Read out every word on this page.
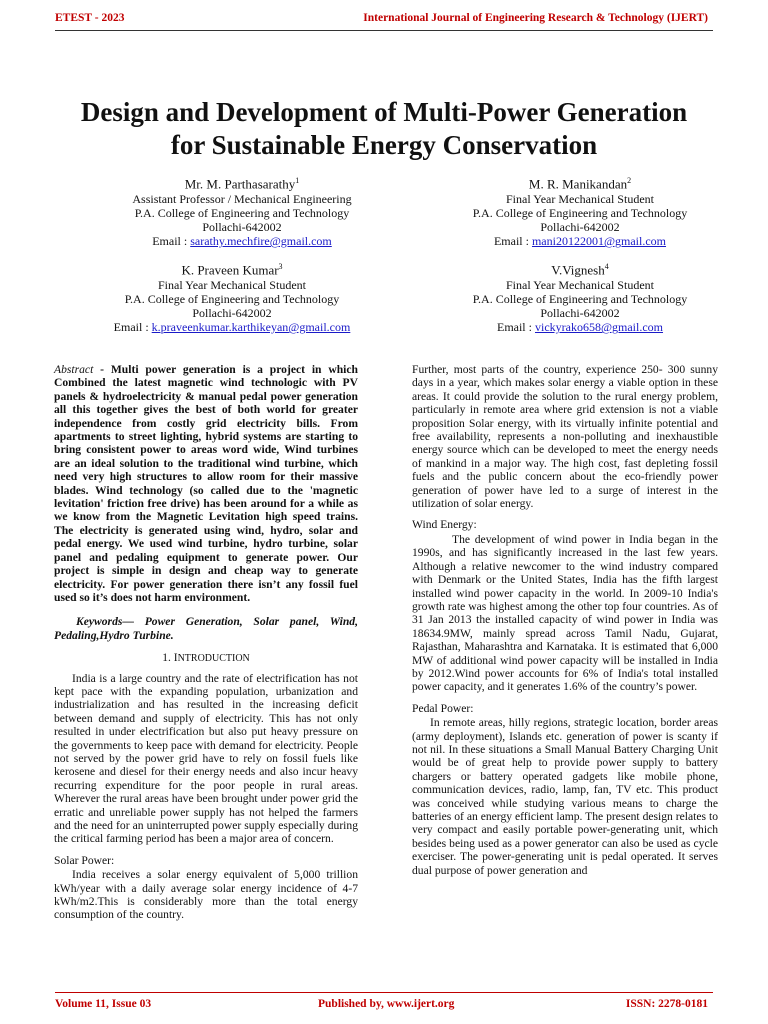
ETEST - 2023	International Journal of Engineering Research & Technology (IJERT)
Design and Development of Multi-Power Generation
for Sustainable Energy Conservation
Mr. M. Parthasarathy$^1$
Assistant Professor / Mechanical Engineering
P.A. College of Engineering and Technology
Pollachi-642002
Email : sarathy.mechfire@gmail.com
M. R. Manikandan$^2$
Final Year Mechanical Student
P.A. College of Engineering and Technology
Pollachi-642002
Email : mani20122001@gmail.com
K. Praveen Kumar$^3$
Final Year Mechanical Student
P.A. College of Engineering and Technology
Pollachi-642002
Email : k.praveenkumar.karthikeyan@gmail.com
V.Vignesh$^4$
Final Year Mechanical Student
P.A. College of Engineering and Technology
Pollachi-642002
Email : vickyrako658@gmail.com

Abstract - Multi power generation is a project in which Combined the latest magnetic wind technologic with PV panels & hydroelectricity & manual pedal power generation all this together gives the best of both world for greater independence from costly grid electricity bills. From apartments to street lighting, hybrid systems are starting to bring consistent power to areas word wide, Wind turbines are an ideal solution to the traditional wind turbine, which need very high structures to allow room for their massive blades. Wind technology (so called due to the 'magnetic levitation' friction free drive) has been around for a while as we know from the Magnetic Levitation high speed trains. The electricity is generated using wind, hydro, solar and pedal energy. We used wind turbine, hydro turbine, solar panel and pedaling equipment to generate power. Our project is simple in design and cheap way to generate electricity. For power generation there isn’t any fossil fuel used so it’s does not harm environment.

Keywords— Power Generation, Solar panel, Wind, Pedaling,Hydro Turbine.

1. INTRODUCTION

India is a large country and the rate of electrification has not kept pace with the expanding population, urbanization and industrialization and has resulted in the increasing deficit between demand and supply of electricity. This has not only resulted in under electrification but also put heavy pressure on the governments to keep pace with demand for electricity. People not served by the power grid have to rely on fossil fuels like kerosene and diesel for their energy needs and also incur heavy recurring expenditure for the poor people in rural areas. Wherever the rural areas have been brought under power grid the erratic and unreliable power supply has not helped the farmers and the need for an uninterrupted power supply especially during the critical farming period has been a major area of concern.

Solar Power:

India receives a solar energy equivalent of 5,000 trillion kWh/year with a daily average solar energy incidence of 4-7 kWh/m2.This is considerably more than the total energy consumption of the country.

Further, most parts of the country, experience 250- 300 sunny days in a year, which makes solar energy a viable option in these areas. It could provide the solution to the rural energy problem, particularly in remote area where grid extension is not a viable proposition Solar energy, with its virtually infinite potential and free availability, represents a non-polluting and inexhaustible energy source which can be developed to meet the energy needs of mankind in a major way. The high cost, fast depleting fossil fuels and the public concern about the eco-friendly power generation of power have led to a surge of interest in the utilization of solar energy.

Wind Energy:

The development of wind power in India began in the 1990s, and has significantly increased in the last few years. Although a relative newcomer to the wind industry compared with Denmark or the United States, India has the fifth largest installed wind power capacity in the world. In 2009-10 India's growth rate was highest among the other top four countries. As of 31 Jan 2013 the installed capacity of wind power in India was 18634.9MW, mainly spread across Tamil Nadu, Gujarat, Rajasthan, Maharashtra and Karnataka. It is estimated that 6,000 MW of additional wind power capacity will be installed in India by 2012.Wind power accounts for 6% of India's total installed power capacity, and it generates 1.6% of the country’s power.

Pedal Power:

In remote areas, hilly regions, strategic location, border areas (army deployment), Islands etc. generation of power is scanty if not nil. In these situations a Small Manual Battery Charging Unit would be of great help to provide power supply to battery chargers or battery operated gadgets like mobile phone, communication devices, radio, lamp, fan, TV etc. This product was conceived while studying various means to charge the batteries of an energy efficient lamp. The present design relates to very compact and easily portable power-generating unit, which besides being used as a power generator can also be used as cycle exerciser. The power-generating unit is pedal operated. It serves dual purpose of power generation and

Volume 11, Issue 03	Published by, www.ijert.org	ISSN: 2278-0181
